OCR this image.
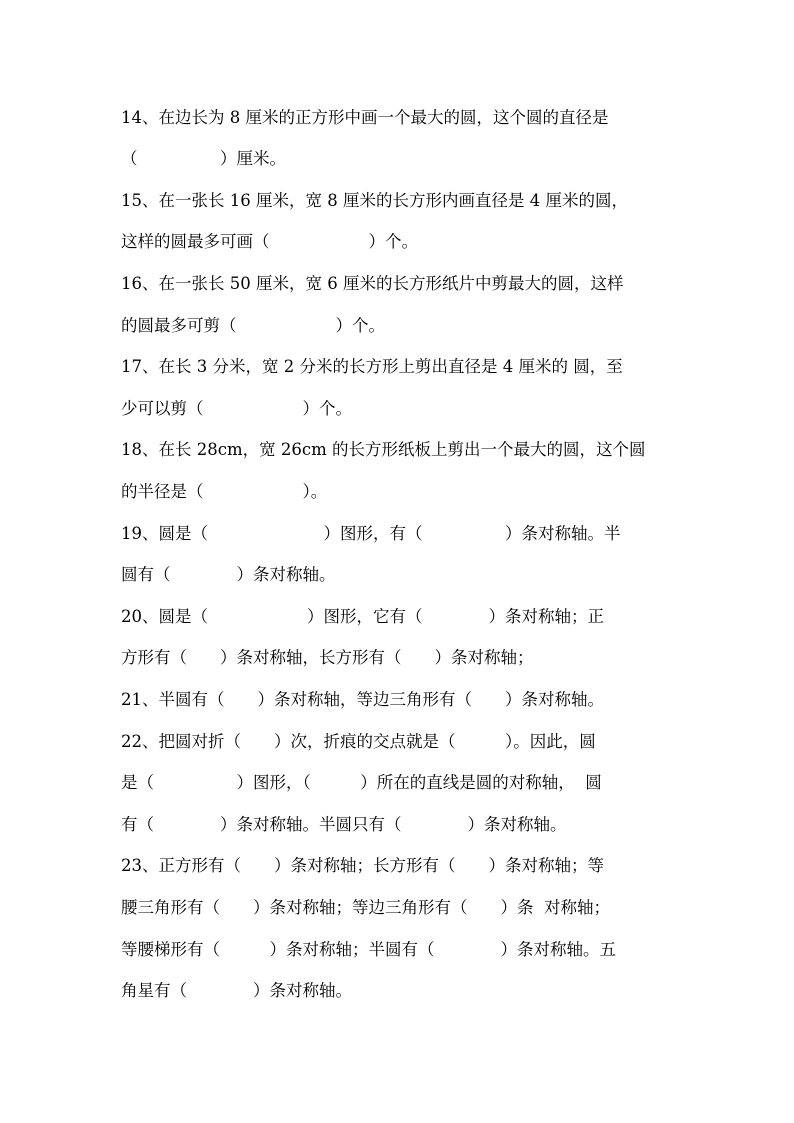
14、在边长为 8 厘米的正方形中画一个最大的圆，这个圆的直径是
（　　　　　）厘米。
15、在一张长 16 厘米，宽 8 厘米的长方形内画直径是 4 厘米的圆，
这样的圆最多可画（　　　　　　）个。
16、在一张长 50 厘米，宽 6 厘米的长方形纸片中剪最大的圆，这样
的圆最多可剪（　　　　　　）个。
17、在长 3 分米，宽 2 分米的长方形上剪出直径是 4 厘米的 圆，至
少可以剪（　　　　　　）个。
18、在长 28cm，宽 26cm 的长方形纸板上剪出一个最大的圆，这个圆
的半径是（　　　　　　）。
19、圆是（　　　　　　　）图形，有（　　　　　）条对称轴。半
圆有（　　　　）条对称轴。
20、圆是（　　　　　　）图形，它有（　　　　）条对称轴；正
方形有（　　）条对称轴，长方形有（　　）条对称轴；
21、半圆有（　　）条对称轴，等边三角形有（　　）条对称轴。
22、把圆对折（　　）次，折痕的交点就是（　　　）。因此，圆
是（　　　　　）图形，（　　　）所在的直线是圆的对称轴，  圆
有（　　　　）条对称轴。半圆只有（　　　　）条对称轴。
23、正方形有（　　）条对称轴；长方形有（　　）条对称轴；等
腰三角形有（　　）条对称轴；等边三角形有（　　）条  对称轴；
等腰梯形有（　　　）条对称轴；半圆有（　　　　）条对称轴。五
角星有（　　　　）条对称轴。
